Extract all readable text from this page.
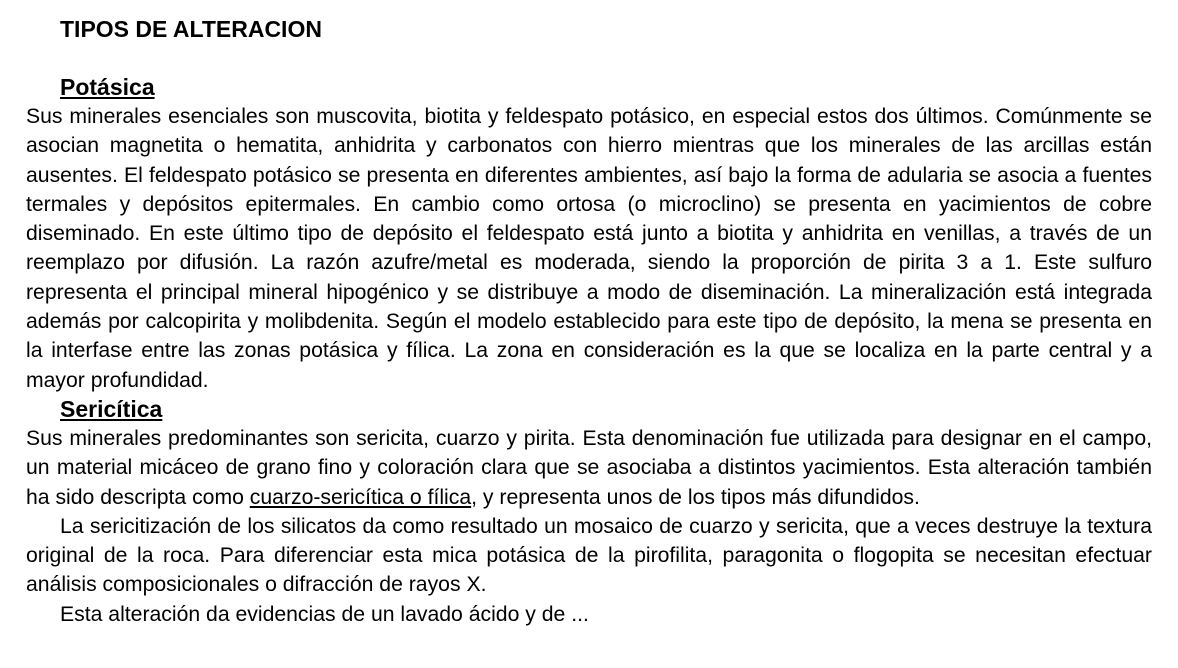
TIPOS DE ALTERACION
Potásica

Sus minerales esenciales son muscovita, biotita y feldespato potásico, en especial estos dos últimos. Comúnmente se asocian magnetita o hematita, anhidrita y carbonatos con hierro mientras que los minerales de las arcillas están ausentes. El feldespato potásico se presenta en diferentes ambientes, así bajo la forma de adularia se asocia a fuentes termales y depósitos epitermales. En cambio como ortosa (o microclino) se presenta en yacimientos de cobre diseminado. En este último tipo de depósito el feldespato está junto a biotita y anhidrita en venillas, a través de un reemplazo por difusión. La razón azufre/metal es moderada, siendo la proporción de pirita 3 a 1. Este sulfuro representa el principal mineral hipogénico y se distribuye a modo de diseminación. La mineralización está integrada además por calcopirita y molibdenita. Según el modelo establecido para este tipo de depósito, la mena se presenta en la interfase entre las zonas potásica y fílica. La zona en consideración es la que se localiza en la parte central y a mayor profundidad.

Sericítica

Sus minerales predominantes son sericita, cuarzo y pirita. Esta denominación fue utilizada para designar en el campo, un material micáceo de grano fino y coloración clara que se asociaba a distintos yacimientos. Esta alteración también ha sido descripta como cuarzo-sericítica o fílica, y representa unos de los tipos más difundidos.

La sericitización de los silicatos da como resultado un mosaico de cuarzo y sericita, que a veces destruye la textura original de la roca. Para diferenciar esta mica potásica de la pirofilita, paragonita o flogopita se necesitan efectuar análisis composicionales o difracción de rayos X.

Esta alteración da evidencias de un lavado ácido y de ...
